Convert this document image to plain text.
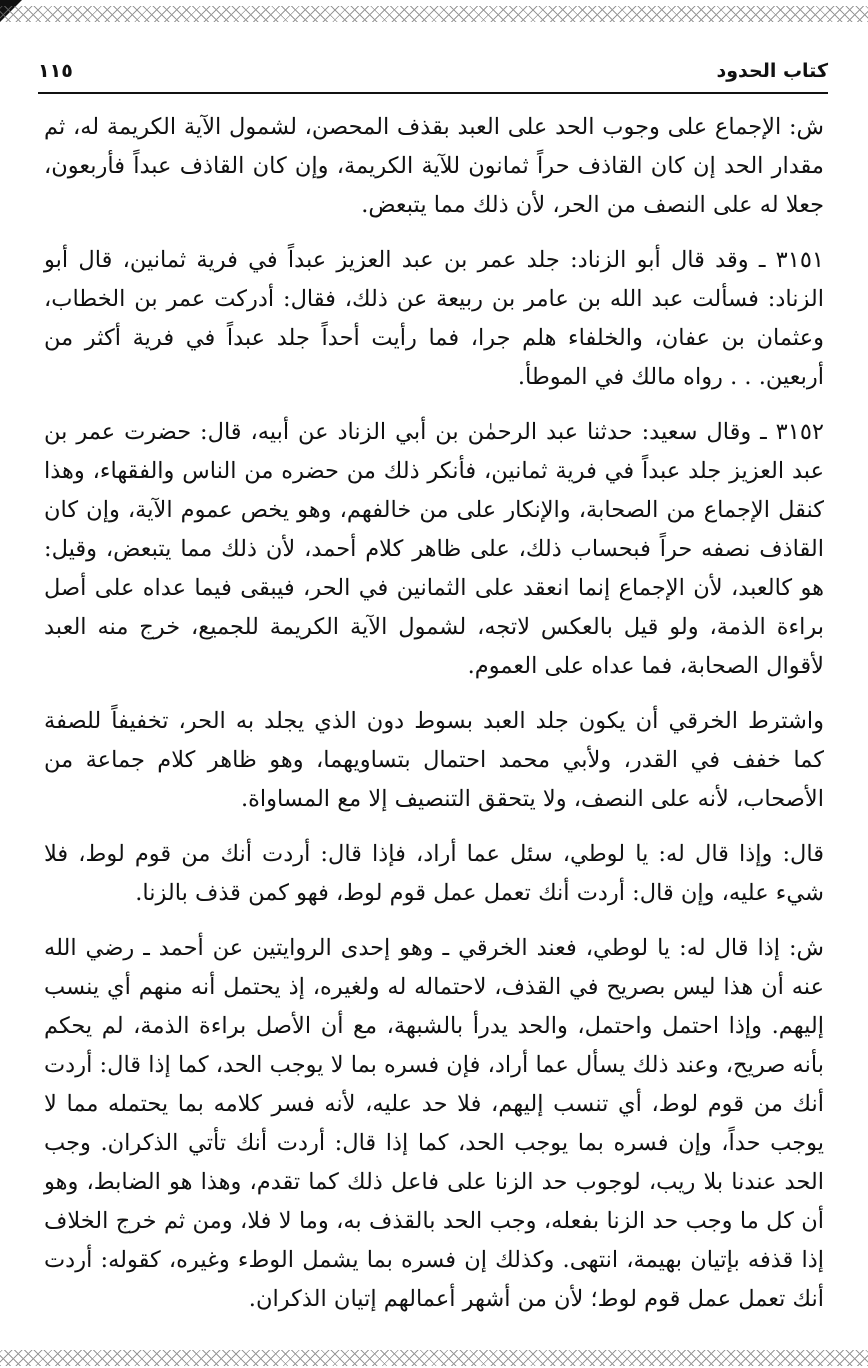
كتاب الحدود
١١٥

ش: الإجماع على وجوب الحد على العبد بقذف المحصن، لشمول الآية الكريمة له، ثم مقدار الحد إن كان القاذف حراً ثمانون للآية الكريمة، وإن كان القاذف عبداً فأربعون، جعلا له على النصف من الحر، لأن ذلك مما يتبعض.

٣١٥١ ـ وقد قال أبو الزناد: جلد عمر بن عبد العزيز عبداً في فرية ثمانين، قال أبو الزناد: فسألت عبد الله بن عامر بن ربيعة عن ذلك، فقال: أدركت عمر بن الخطاب، وعثمان بن عفان، والخلفاء هلم جرا، فما رأيت أحداً جلد عبداً في فرية أكثر من أربعين. . . رواه مالك في الموطأ.

٣١٥٢ ـ وقال سعيد: حدثنا عبد الرحمٰن بن أبي الزناد عن أبيه، قال: حضرت عمر بن عبد العزيز جلد عبداً في فرية ثمانين، فأنكر ذلك من حضره من الناس والفقهاء، وهذا كنقل الإجماع من الصحابة، والإنكار على من خالفهم، وهو يخص عموم الآية، وإن كان القاذف نصفه حراً فبحساب ذلك، على ظاهر كلام أحمد، لأن ذلك مما يتبعض، وقيل: هو كالعبد، لأن الإجماع إنما انعقد على الثمانين في الحر، فيبقى فيما عداه على أصل براءة الذمة، ولو قيل بالعكس لاتجه، لشمول الآية الكريمة للجميع، خرج منه العبد لأقوال الصحابة، فما عداه على العموم.

واشترط الخرقي أن يكون جلد العبد بسوط دون الذي يجلد به الحر، تخفيفاً للصفة كما خفف في القدر، ولأبي محمد احتمال بتساويهما، وهو ظاهر كلام جماعة من الأصحاب، لأنه على النصف، ولا يتحقق التنصيف إلا مع المساواة.

قال: وإذا قال له: يا لوطي، سئل عما أراد، فإذا قال: أردت أنك من قوم لوط، فلا شيء عليه، وإن قال: أردت أنك تعمل عمل قوم لوط، فهو كمن قذف بالزنا.

ش: إذا قال له: يا لوطي، فعند الخرقي ـ وهو إحدى الروايتين عن أحمد ـ رضي الله عنه أن هذا ليس بصريح في القذف، لاحتماله له ولغيره، إذ يحتمل أنه منهم أي ينسب إليهم. وإذا احتمل واحتمل، والحد يدرأ بالشبهة، مع أن الأصل براءة الذمة، لم يحكم بأنه صريح، وعند ذلك يسأل عما أراد، فإن فسره بما لا يوجب الحد، كما إذا قال: أردت أنك من قوم لوط، أي تنسب إليهم، فلا حد عليه، لأنه فسر كلامه بما يحتمله مما لا يوجب حداً، وإن فسره بما يوجب الحد، كما إذا قال: أردت أنك تأتي الذكران. وجب الحد عندنا بلا ريب، لوجوب حد الزنا على فاعل ذلك كما تقدم، وهذا هو الضابط، وهو أن كل ما وجب حد الزنا بفعله، وجب الحد بالقذف به، وما لا فلا، ومن ثم خرج الخلاف إذا قذفه بإتيان بهيمة، انتهى. وكذلك إن فسره بما يشمل الوطء وغيره، كقوله: أردت أنك تعمل عمل قوم لوط؛ لأن من أشهر أعمالهم إتيان الذكران.
